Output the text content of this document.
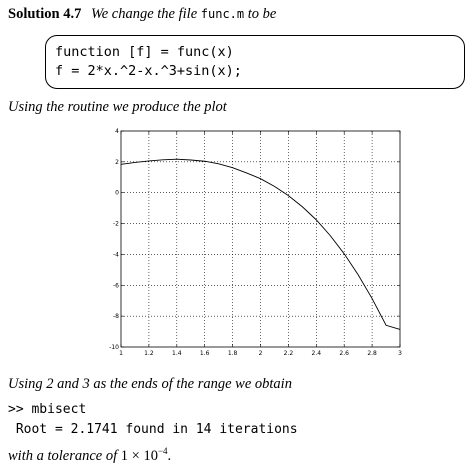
Solution 4.7 We change the file func.m to be
function [f] = func(x)
f = 2*x.^2-x.^3+sin(x);
Using the routine we produce the plot
1	1.2	1.4	1.6	1.8	2	2.2	2.4	2.6	2.8	3
-10
-8
-6
-4
-2
0
2
4
Using 2 and 3 as the ends of the range we obtain
>> mbisect
Root = 2.1741 found in 14 iterations
with a tolerance of $1 \times 10^{-4}$.
